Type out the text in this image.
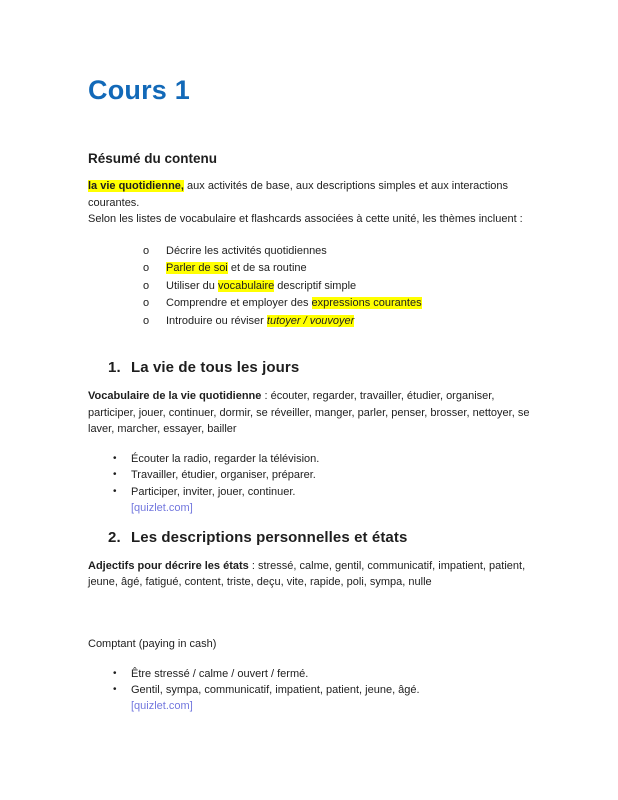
Cours 1
Résumé du contenu

la vie quotidienne, aux activités de base, aux descriptions simples et aux interactions courantes.

Selon les listes de vocabulaire et flashcards associées à cette unité, les thèmes incluent :

o	Décrire les activités quotidiennes
o	Parler de soi et de sa routine
o	Utiliser du vocabulaire descriptif simple
o	Comprendre et employer des expressions courantes
o	Introduire ou réviser tutoyer / vouvoyer
1. La vie de tous les jours

Vocabulaire de la vie quotidienne : écouter, regarder, travailler, étudier, organiser, participer, jouer, continuer, dormir, se réveiller, manger, parler, penser, brosser, nettoyer, se laver, marcher, essayer, bailler

•	Écouter la radio, regarder la télévision.
•	Travailler, étudier, organiser, préparer.
•	Participer, inviter, jouer, continuer.
[quizlet.com]
2. Les descriptions personnelles et états

Adjectifs pour décrire les états : stressé, calme, gentil, communicatif, impatient, patient, jeune, âgé, fatigué, content, triste, deçu, vite, rapide, poli, sympa, nulle

Comptant (paying in cash)

•	Être stressé / calme / ouvert / fermé.
•	Gentil, sympa, communicatif, impatient, patient, jeune, âgé.
[quizlet.com]
